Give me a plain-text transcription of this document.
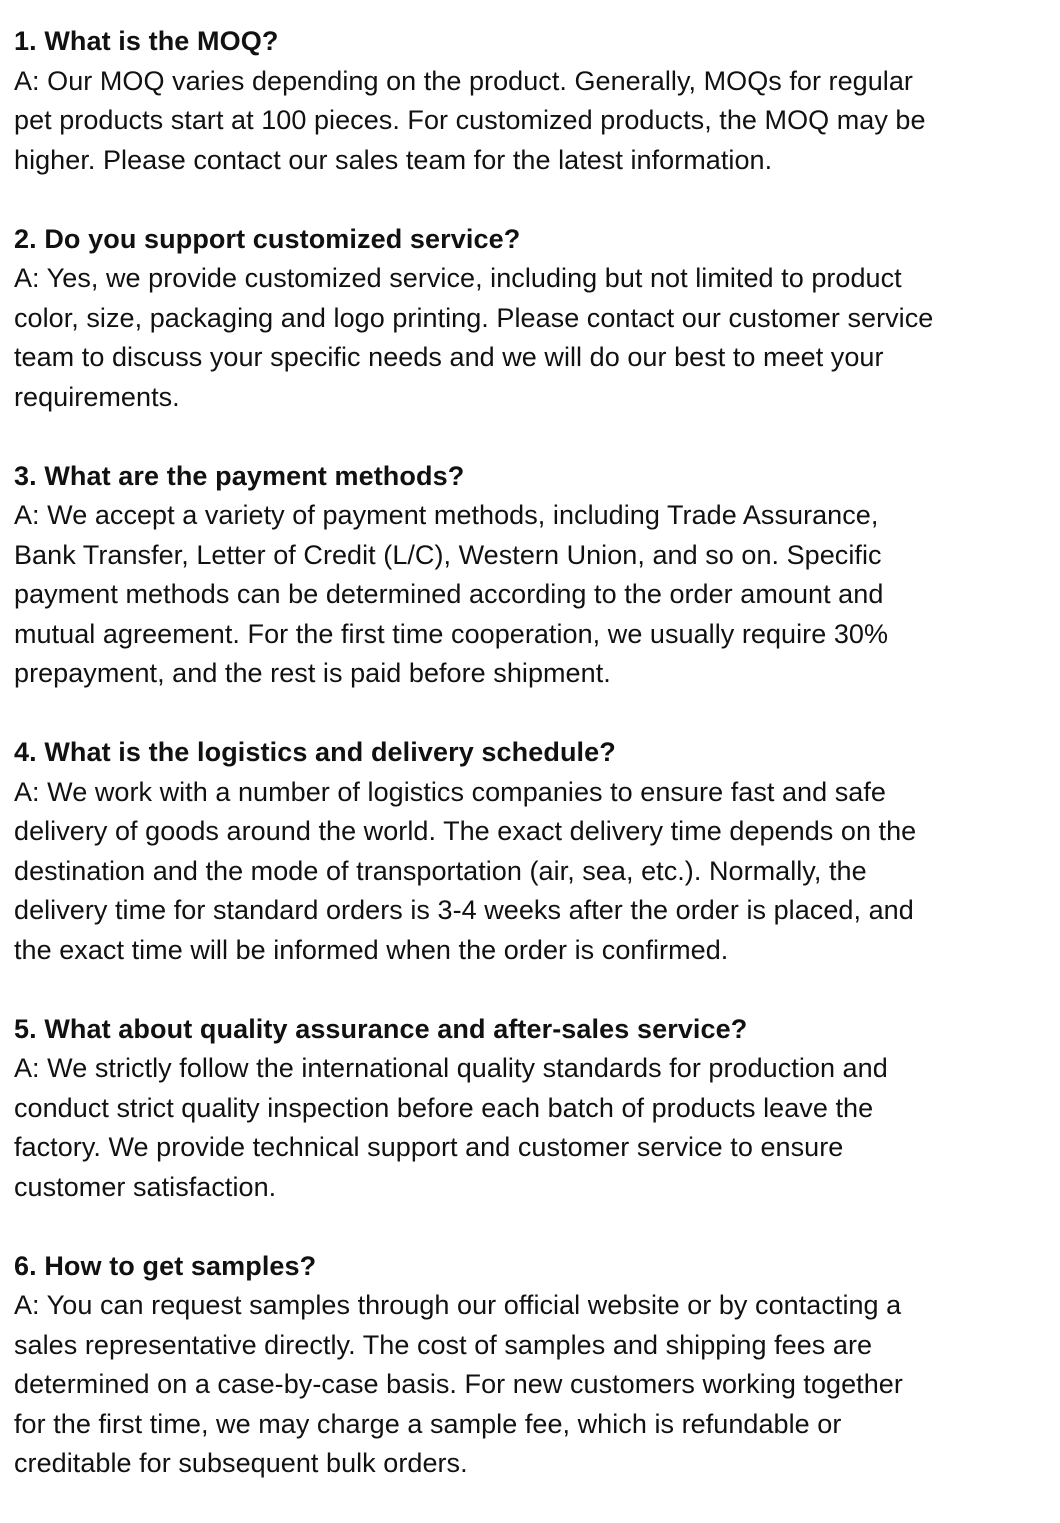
1. What is the MOQ?
A: Our MOQ varies depending on the product. Generally, MOQs for regular
pet products start at 100 pieces. For customized products, the MOQ may be
higher. Please contact our sales team for the latest information.
2. Do you support customized service?
A: Yes, we provide customized service, including but not limited to product
color, size, packaging and logo printing. Please contact our customer service
team to discuss your specific needs and we will do our best to meet your
requirements.
3. What are the payment methods?
A: We accept a variety of payment methods, including Trade Assurance,
Bank Transfer, Letter of Credit (L/C), Western Union, and so on. Specific
payment methods can be determined according to the order amount and
mutual agreement. For the first time cooperation, we usually require 30%
prepayment, and the rest is paid before shipment.
4. What is the logistics and delivery schedule?
A: We work with a number of logistics companies to ensure fast and safe
delivery of goods around the world. The exact delivery time depends on the
destination and the mode of transportation (air, sea, etc.). Normally, the
delivery time for standard orders is 3-4 weeks after the order is placed, and
the exact time will be informed when the order is confirmed.
5. What about quality assurance and after-sales service?
A: We strictly follow the international quality standards for production and
conduct strict quality inspection before each batch of products leave the
factory. We provide technical support and customer service to ensure
customer satisfaction.
6. How to get samples?
A: You can request samples through our official website or by contacting a
sales representative directly. The cost of samples and shipping fees are
determined on a case-by-case basis. For new customers working together
for the first time, we may charge a sample fee, which is refundable or
creditable for subsequent bulk orders.
